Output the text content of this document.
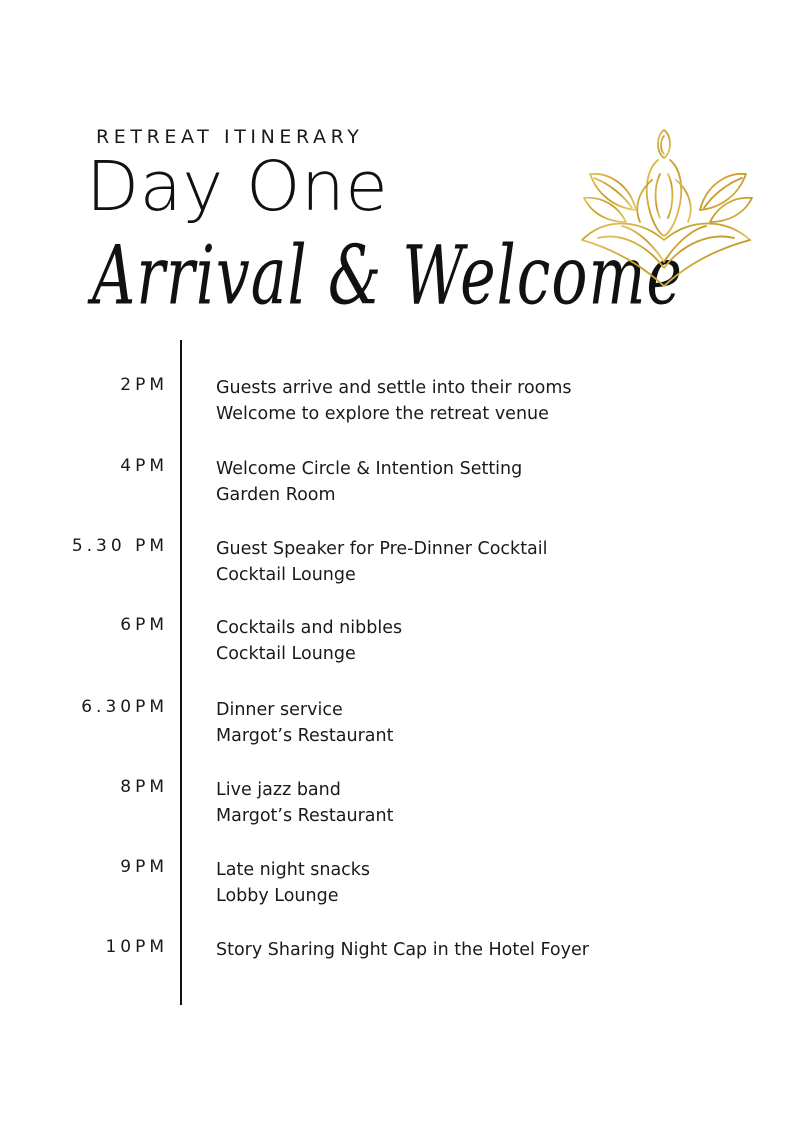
RETREAT ITINERARY
Day One
Arrival & Welcome
2PM	Guests arrive and settle into their rooms
Welcome to explore the retreat venue
4PM	Welcome Circle & Intention Setting
Garden Room
5.30 PM	Guest Speaker for Pre-Dinner Cocktail
Cocktail Lounge
6PM	Cocktails and nibbles
Cocktail Lounge
6.30PM	Dinner service
Margot’s Restaurant
8PM	Live jazz band
Margot’s Restaurant
9PM	Late night snacks
Lobby Lounge
10PM	Story Sharing Night Cap in the Hotel Foyer
